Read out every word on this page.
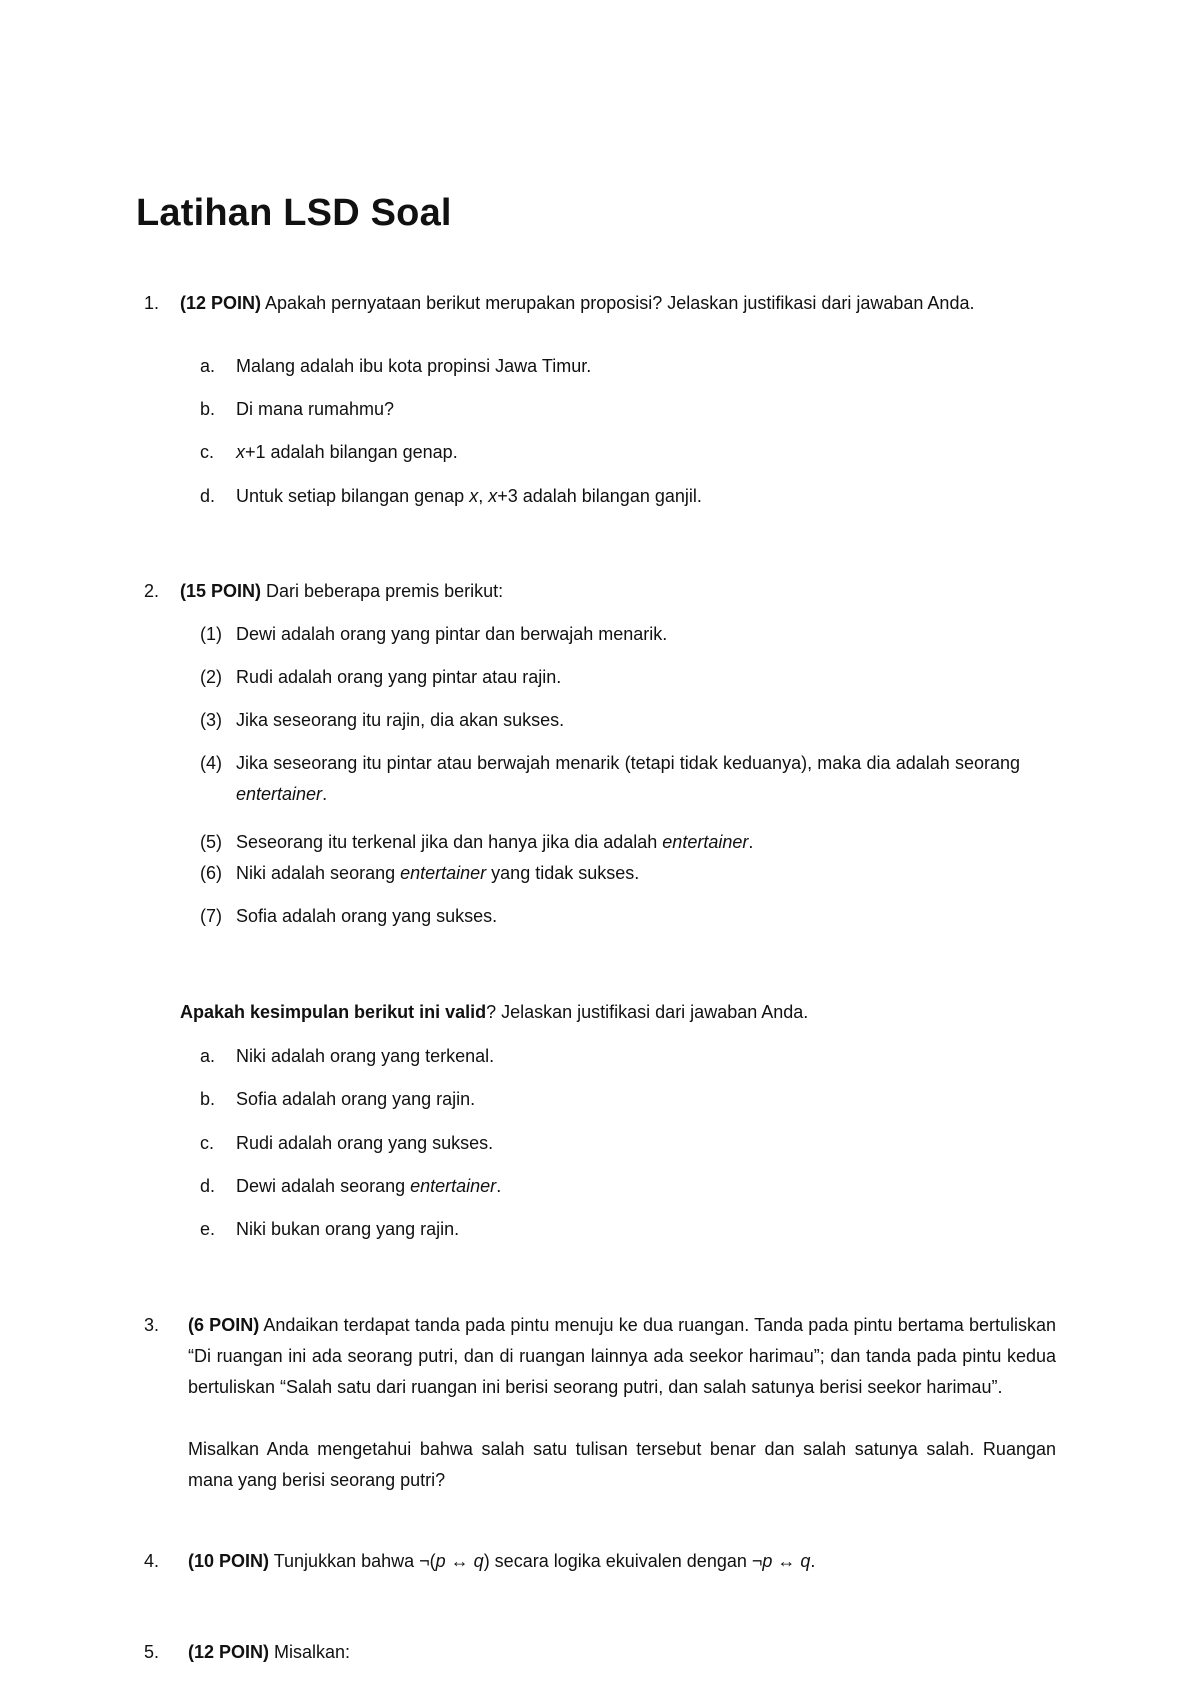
Latihan LSD Soal
1.	(12 POIN) Apakah pernyataan berikut merupakan proposisi? Jelaskan justifikasi dari jawaban Anda.
a. Malang adalah ibu kota propinsi Jawa Timur.
b. Di mana rumahmu?
c. x+1 adalah bilangan genap.
d. Untuk setiap bilangan genap x, x+3 adalah bilangan ganjil.
2.	(15 POIN) Dari beberapa premis berikut:
(1) Dewi adalah orang yang pintar dan berwajah menarik.
(2) Rudi adalah orang yang pintar atau rajin.
(3) Jika seseorang itu rajin, dia akan sukses.
(4) Jika seseorang itu pintar atau berwajah menarik (tetapi tidak keduanya), maka dia adalah seorang entertainer.
(5) Seseorang itu terkenal jika dan hanya jika dia adalah entertainer.
(6) Niki adalah seorang entertainer yang tidak sukses.
(7) Sofia adalah orang yang sukses.
Apakah kesimpulan berikut ini valid? Jelaskan justifikasi dari jawaban Anda.
a. Niki adalah orang yang terkenal.
b. Sofia adalah orang yang rajin.
c. Rudi adalah orang yang sukses.
d. Dewi adalah seorang entertainer.
e. Niki bukan orang yang rajin.
3.	(6 POIN) Andaikan terdapat tanda pada pintu menuju ke dua ruangan. Tanda pada pintu bertama bertuliskan “Di ruangan ini ada seorang putri, dan di ruangan lainnya ada seekor harimau”; dan tanda pada pintu kedua bertuliskan “Salah satu dari ruangan ini berisi seorang putri, dan salah satunya berisi seekor harimau”.
Misalkan Anda mengetahui bahwa salah satu tulisan tersebut benar dan salah satunya salah. Ruangan mana yang berisi seorang putri?
4.	(10 POIN) Tunjukkan bahwa ¬(p ↔ q) secara logika ekuivalen dengan ¬p ↔ q.
5.	(12 POIN) Misalkan:
